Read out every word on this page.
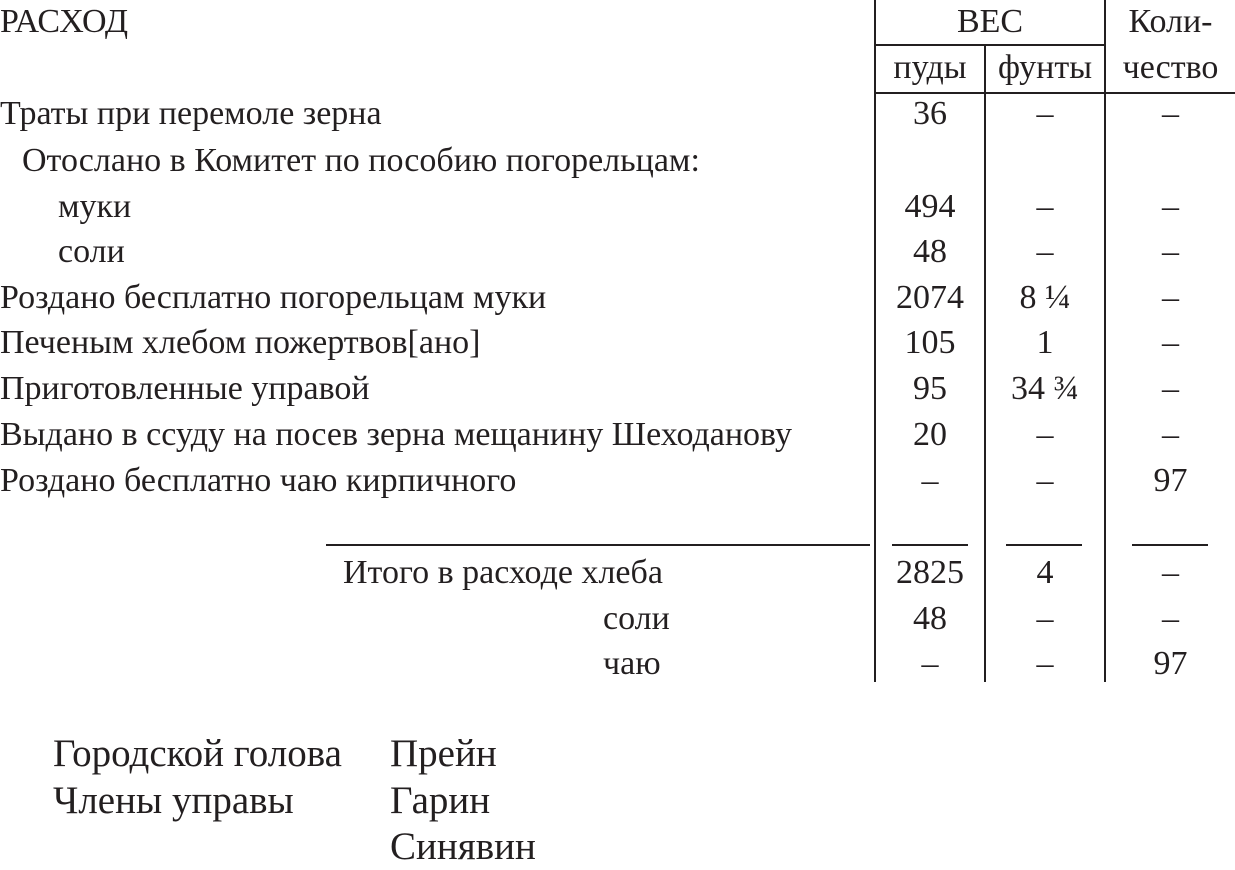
РАСХОД	ВЕС	Коли-
пуды фунты чество
Траты при перемоле зерна	36	–	–
Отослано в Комитет по пособию погорельцам:
муки	494	–	–
соли	48	–	–
Роздано бесплатно погорельцам муки	2074	8 ¼	–
Печеным хлебом пожертвов[ано]	105	1	–
Приготовленные управой	95	34 ¾	–
Выдано в ссуду на посев зерна мещанину Шеходанову	20	–	–
Роздано бесплатно чаю кирпичного	–	–	97
Итого в расходе хлеба	2825	4	–
соли	48	–	–
чаю	–	–	97
Городской голова Прейн
Члены управы Гарин
Синявин
